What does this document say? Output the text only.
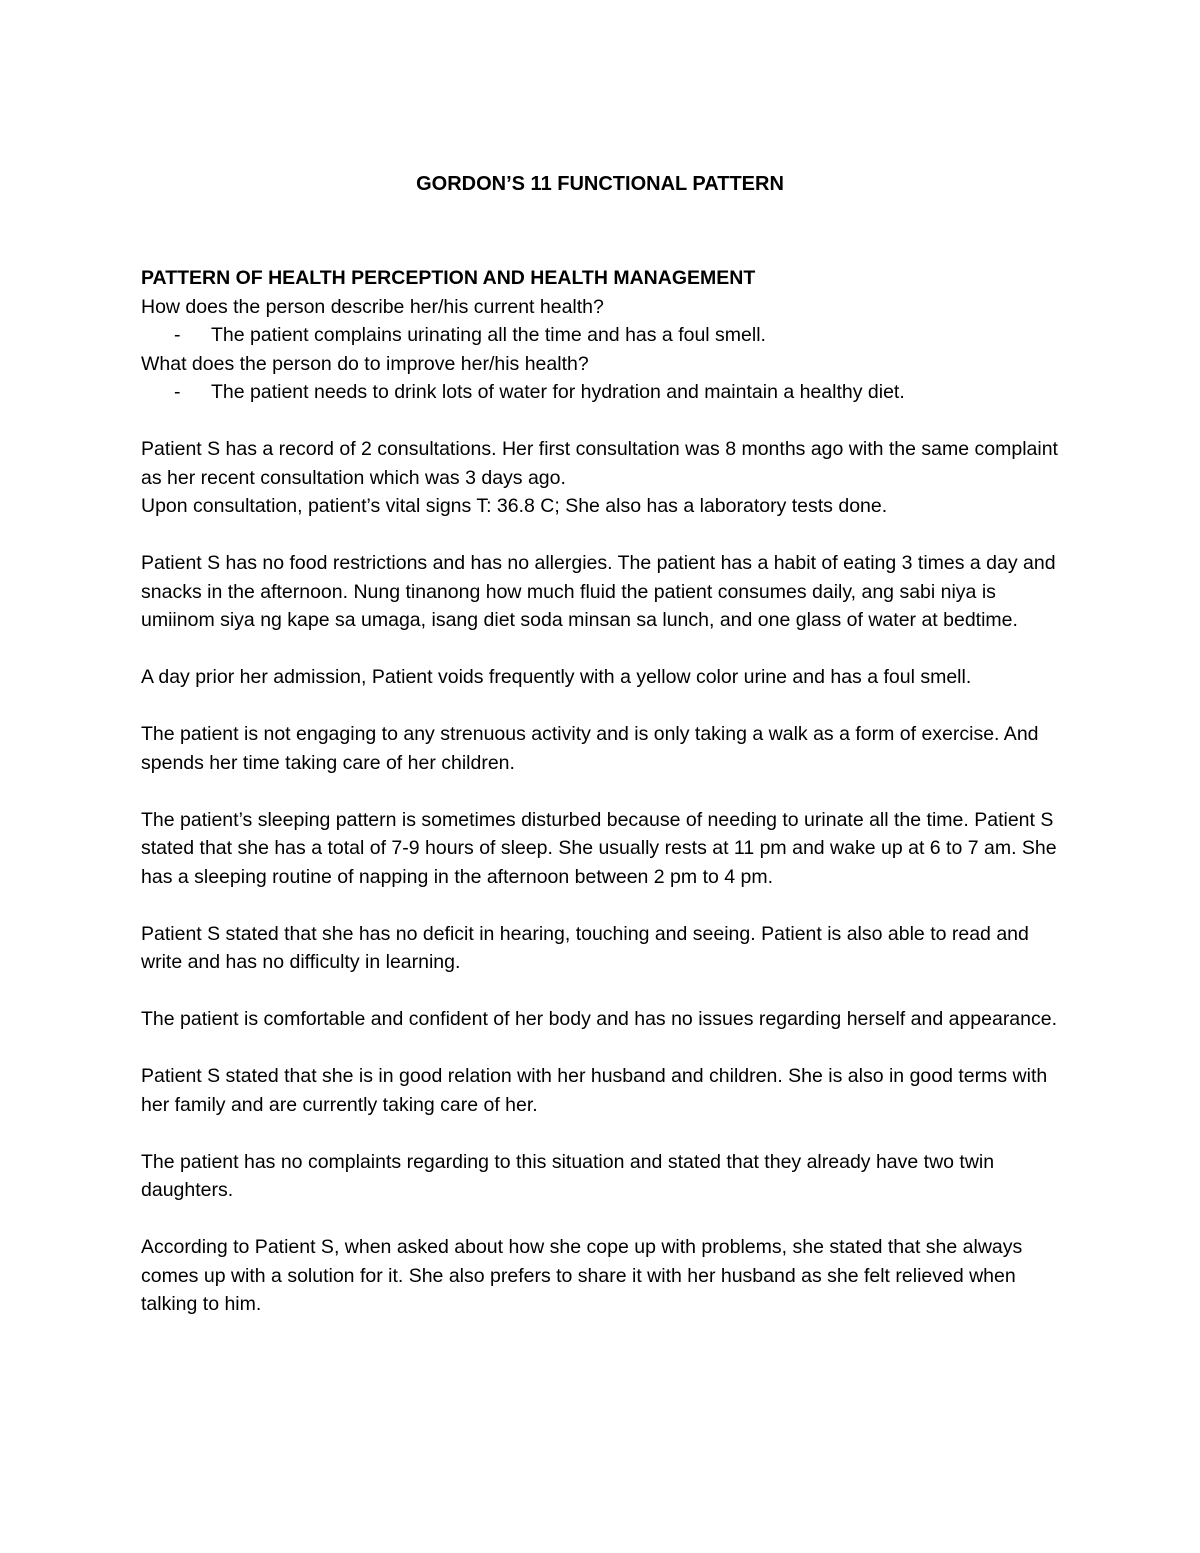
GORDON’S 11 FUNCTIONAL PATTERN

PATTERN OF HEALTH PERCEPTION AND HEALTH MANAGEMENT

How does the person describe her/his current health?

- The patient complains urinating all the time and has a foul smell.

What does the person do to improve her/his health?

- The patient needs to drink lots of water for hydration and maintain a healthy diet.

Patient S has a record of 2 consultations. Her first consultation was 8 months ago with the same complaint as her recent consultation which was 3 days ago.

Upon consultation, patient’s vital signs T: 36.8 C; She also has a laboratory tests done.

Patient S has no food restrictions and has no allergies. The patient has a habit of eating 3 times a day and snacks in the afternoon. Nung tinanong how much fluid the patient consumes daily, ang sabi niya is umiinom siya ng kape sa umaga, isang diet soda minsan sa lunch, and one glass of water at bedtime.

A day prior her admission, Patient voids frequently with a yellow color urine and has a foul smell.

The patient is not engaging to any strenuous activity and is only taking a walk as a form of exercise. And spends her time taking care of her children.

The patient’s sleeping pattern is sometimes disturbed because of needing to urinate all the time. Patient S stated that she has a total of 7-9 hours of sleep. She usually rests at 11 pm and wake up at 6 to 7 am. She has a sleeping routine of napping in the afternoon between 2 pm to 4 pm.

Patient S stated that she has no deficit in hearing, touching and seeing. Patient is also able to read and write and has no difficulty in learning.

The patient is comfortable and confident of her body and has no issues regarding herself and appearance.

Patient S stated that she is in good relation with her husband and children. She is also in good terms with her family and are currently taking care of her.

The patient has no complaints regarding to this situation and stated that they already have two twin daughters.

According to Patient S, when asked about how she cope up with problems, she stated that she always comes up with a solution for it. She also prefers to share it with her husband as she felt relieved when talking to him.
